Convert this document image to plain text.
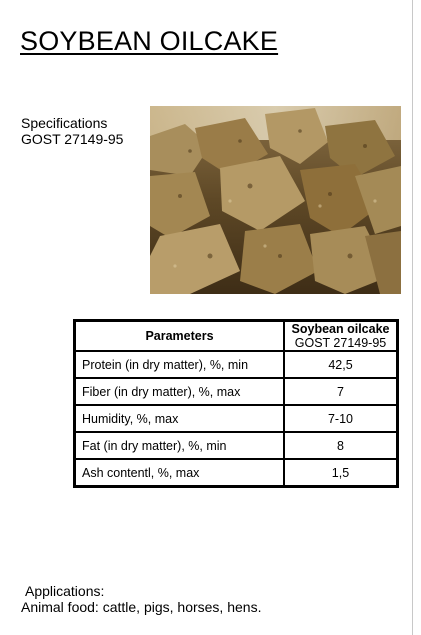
SOYBEAN OILCAKE
Specifications
GOST 27149-95
Parameters	Soybean oilcake
GOST 27149-95

Protein (in dry matter), %, min	42,5
Fiber (in dry matter), %, max	7
Humidity, %, max	7-10
Fat (in dry matter), %, min	8
Ash contentl, %, max	1,5
Applications:
Animal food: cattle, pigs, horses, hens.
